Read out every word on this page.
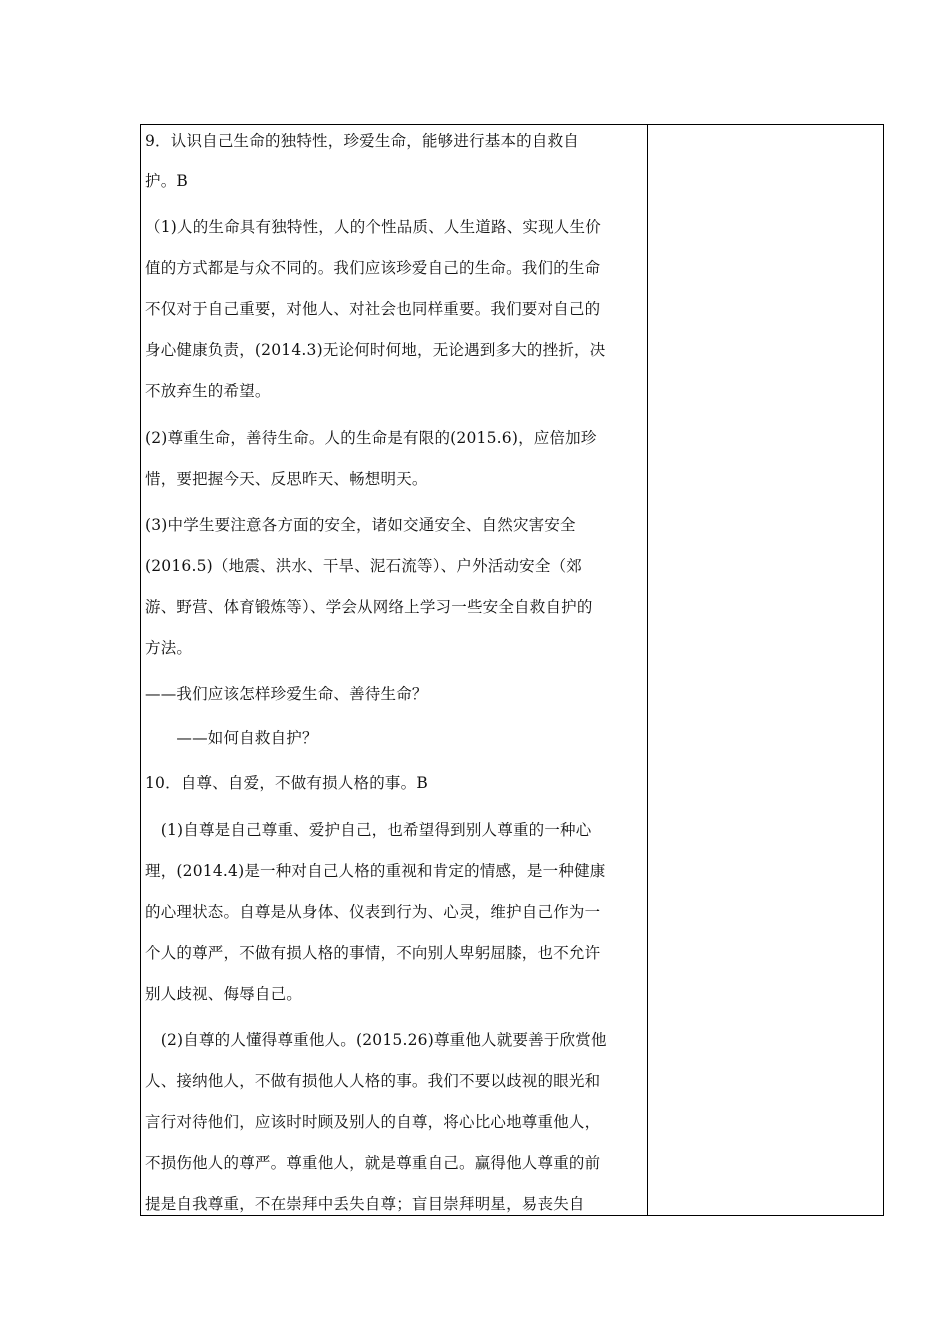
9．认识自己生命的独特性，珍爱生命，能够进行基本的自救自
护。B
（1)人的生命具有独特性，人的个性品质、人生道路、实现人生价
值的方式都是与众不同的。我们应该珍爱自己的生命。我们的生命
不仅对于自己重要，对他人、对社会也同样重要。我们要对自己的
身心健康负责，(2014.3)无论何时何地，无论遇到多大的挫折，决
不放弃生的希望。
(2)尊重生命，善待生命。人的生命是有限的(2015.6)，应倍加珍
惜，要把握今天、反思昨天、畅想明天。
(3)中学生要注意各方面的安全，诸如交通安全、自然灾害安全
(2016.5)（地震、洪水、干旱、泥石流等）、户外活动安全（郊
游、野营、体育锻炼等）、学会从网络上学习一些安全自救自护的
方法。
——我们应该怎样珍爱生命、善待生命？
　　——如何自救自护？
10．自尊、自爱，不做有损人格的事。B
　(1)自尊是自己尊重、爱护自己，也希望得到别人尊重的一种心
理，(2014.4)是一种对自己人格的重视和肯定的情感，是一种健康
的心理状态。自尊是从身体、仪表到行为、心灵，维护自己作为一
个人的尊严，不做有损人格的事情，不向别人卑躬屈膝，也不允许
别人歧视、侮辱自己。
　(2)自尊的人懂得尊重他人。(2015.26)尊重他人就要善于欣赏他
人、接纳他人，不做有损他人人格的事。我们不要以歧视的眼光和
言行对待他们，应该时时顾及别人的自尊，将心比心地尊重他人，
不损伤他人的尊严。尊重他人，就是尊重自己。赢得他人尊重的前
提是自我尊重，不在崇拜中丢失自尊；盲目崇拜明星，易丧失自
